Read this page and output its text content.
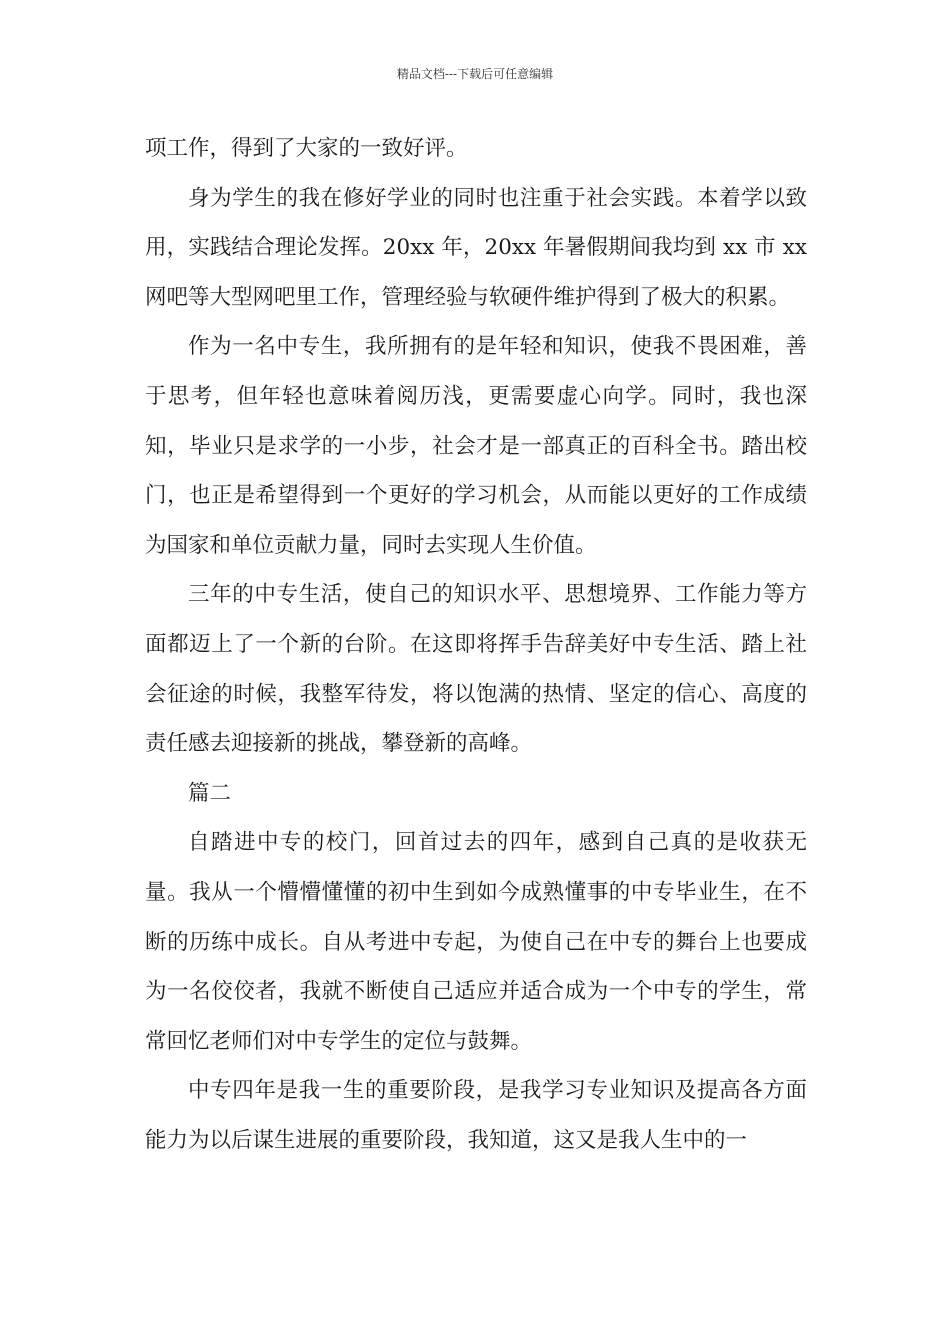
精品文档---下载后可任意编辑

项工作，得到了大家的一致好评。

身为学生的我在修好学业的同时也注重于社会实践。本着学以致用，实践结合理论发挥。20xx 年，20xx 年暑假期间我均到 xx 市 xx 网吧等大型网吧里工作，管理经验与软硬件维护得到了极大的积累。

作为一名中专生，我所拥有的是年轻和知识，使我不畏困难，善于思考，但年轻也意味着阅历浅，更需要虚心向学。同时，我也深知，毕业只是求学的一小步，社会才是一部真正的百科全书。踏出校门，也正是希望得到一个更好的学习机会，从而能以更好的工作成绩为国家和单位贡献力量，同时去实现人生价值。

三年的中专生活，使自己的知识水平、思想境界、工作能力等方面都迈上了一个新的台阶。在这即将挥手告辞美好中专生活、踏上社会征途的时候，我整军待发，将以饱满的热情、坚定的信心、高度的责任感去迎接新的挑战，攀登新的高峰。

篇二

自踏进中专的校门，回首过去的四年，感到自己真的是收获无量。我从一个懵懵懂懂的初中生到如今成熟懂事的中专毕业生，在不断的历练中成长。自从考进中专起，为使自己在中专的舞台上也要成为一名佼佼者，我就不断使自己适应并适合成为一个中专的学生，常常回忆老师们对中专学生的定位与鼓舞。

中专四年是我一生的重要阶段，是我学习专业知识及提高各方面能力为以后谋生进展的重要阶段，我知道，这又是我人生中的一
